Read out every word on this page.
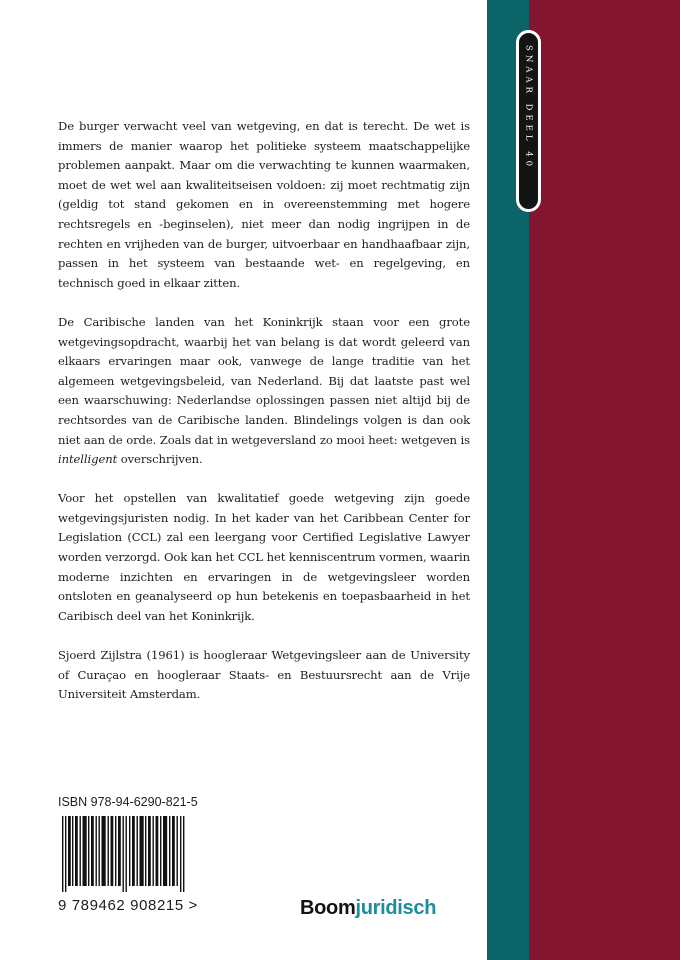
SNAAR DEEL 40

De burger verwacht veel van wetgeving, en dat is terecht. De wet is immers de manier waarop het politieke systeem maatschappelijke problemen aanpakt. Maar om die verwachting te kunnen waarmaken, moet de wet wel aan kwaliteitseisen voldoen: zij moet rechtmatig zijn (geldig tot stand gekomen en in overeenstemming met hogere rechtsregels en -beginselen), niet meer dan nodig ingrijpen in de rechten en vrijheden van de burger, uitvoerbaar en handhaafbaar zijn, passen in het systeem van bestaande wet- en regelgeving, en technisch goed in elkaar zitten.

De Caribische landen van het Koninkrijk staan voor een grote wetgevingsopdracht, waarbij het van belang is dat wordt geleerd van elkaars ervaringen maar ook, vanwege de lange traditie van het algemeen wetgevingsbeleid, van Nederland. Bij dat laatste past wel een waarschuwing: Nederlandse oplossingen passen niet altijd bij de rechtsordes van de Caribische landen. Blindelings volgen is dan ook niet aan de orde. Zoals dat in wetgeversland zo mooi heet: wetgeven is intelligent overschrijven.

Voor het opstellen van kwalitatief goede wetgeving zijn goede wetgevingsjuristen nodig. In het kader van het Caribbean Center for Legislation (CCL) zal een leergang voor Certified Legislative Lawyer worden verzorgd. Ook kan het CCL het kenniscentrum vormen, waarin moderne inzichten en ervaringen in de wetgevingsleer worden ontsloten en geanalyseerd op hun betekenis en toepasbaarheid in het Caribisch deel van het Koninkrijk.

Sjoerd Zijlstra (1961) is hoogleraar Wetgevingsleer aan de University of Curaçao en hoogleraar Staats- en Bestuursrecht aan de Vrije Universiteit Amsterdam.

ISBN 978-94-6290-821-5
9 789462 908215 >	Boomjuridisch
